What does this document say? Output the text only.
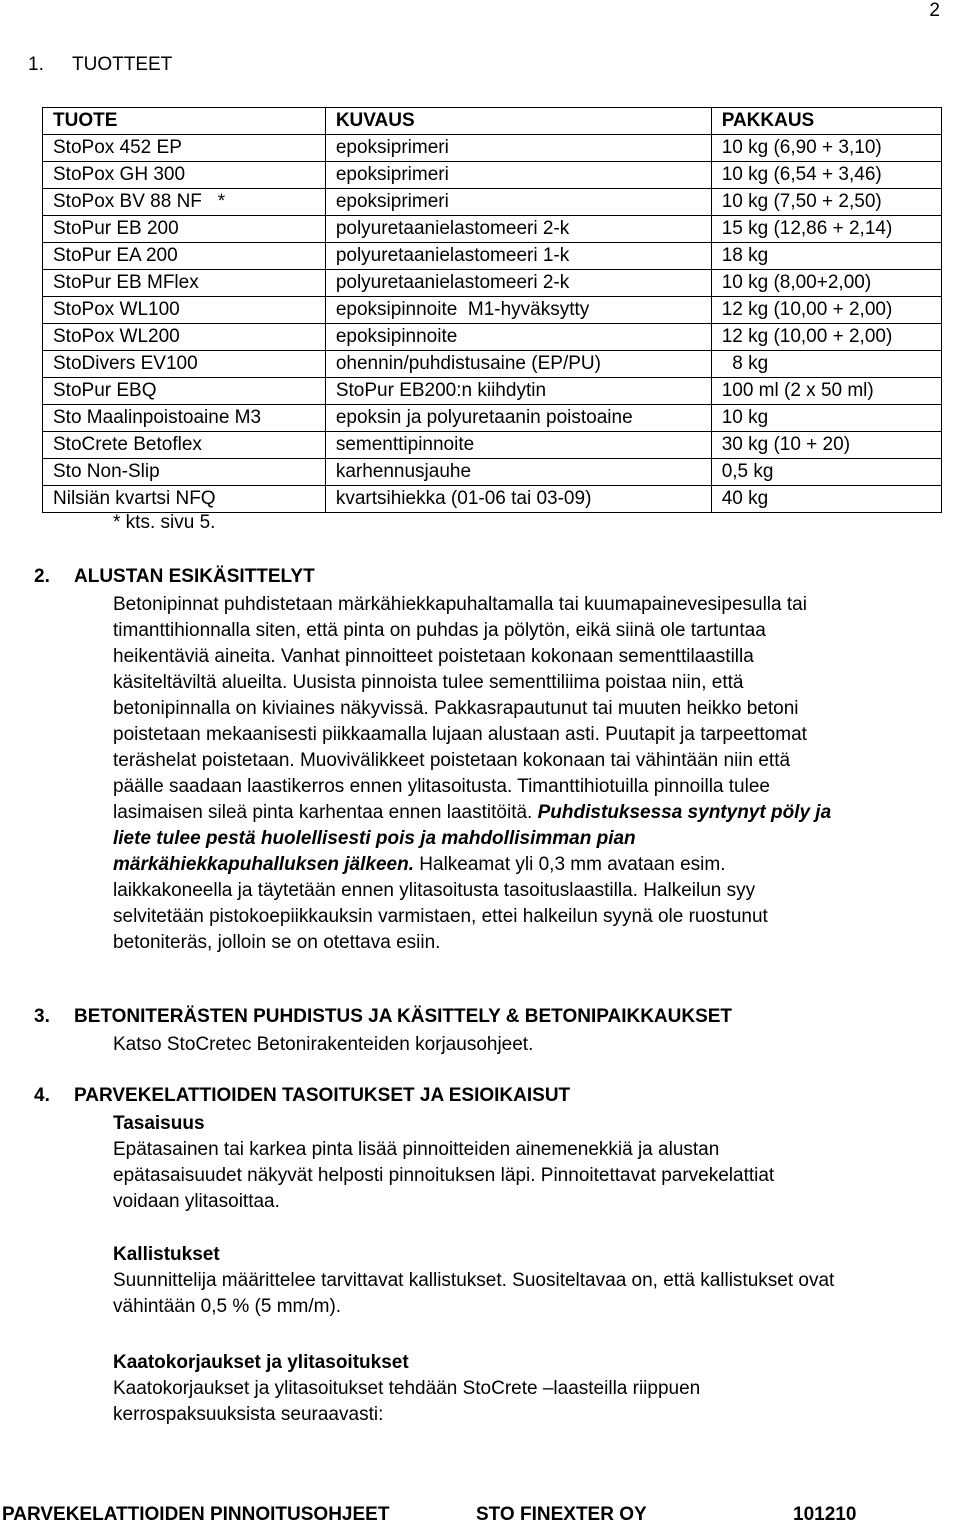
2
1. TUOTTEET
TUOTE	KUVAUS	PAKKAUS
StoPox 452 EP	epoksiprimeri	10 kg (6,90 + 3,10)
StoPox GH 300	epoksiprimeri	10 kg (6,54 + 3,46)
StoPox BV 88 NF   *	epoksiprimeri	10 kg (7,50 + 2,50)
StoPur EB 200	polyuretaanielastomeeri 2-k	15 kg (12,86 + 2,14)
StoPur EA 200	polyuretaanielastomeeri 1-k	18 kg
StoPur EB MFlex	polyuretaanielastomeeri 2-k	10 kg (8,00+2,00)
StoPox WL100	epoksipinnoite  M1-hyväksytty	12 kg (10,00 + 2,00)
StoPox WL200	epoksipinnoite	12 kg (10,00 + 2,00)
StoDivers EV100	ohennin/puhdistusaine (EP/PU)	8 kg
StoPur EBQ	StoPur EB200:n kiihdytin	100 ml (2 x 50 ml)
Sto Maalinpoistoaine M3	epoksin ja polyuretaanin poistoaine	10 kg
StoCrete Betoflex	sementtipinnoite	30 kg (10 + 20)
Sto Non-Slip	karhennusjauhe	0,5 kg
Nilsiän kvartsi NFQ	kvartsihiekka (01-06 tai 03-09)	40 kg
* kts. sivu 5.
2. ALUSTAN ESIKÄSITTELYT
Betonipinnat puhdistetaan märkähiekkapuhaltamalla tai kuumapainevesipesulla tai
timanttihionnalla siten, että pinta on puhdas ja pölytön, eikä siinä ole tartuntaa
heikentäviä aineita. Vanhat pinnoitteet poistetaan kokonaan sementtilaastilla
käsiteltäviltä alueilta. Uusista pinnoista tulee sementtiliima poistaa niin, että
betonipinnalla on kiviaines näkyvissä. Pakkasrapautunut tai muuten heikko betoni
poistetaan mekaanisesti piikkaamalla lujaan alustaan asti. Puutapit ja tarpeettomat
teräshelat poistetaan. Muovivälikkeet poistetaan kokonaan tai vähintään niin että
päälle saadaan laastikerros ennen ylitasoitusta. Timanttihiotuilla pinnoilla tulee
lasimaisen sileä pinta karhentaa ennen laastitöitä. Puhdistuksessa syntynyt pöly ja
liete tulee pestä huolellisesti pois ja mahdollisimman pian
märkähiekkapuhalluksen jälkeen. Halkeamat yli 0,3 mm avataan esim.
laikkakoneella ja täytetään ennen ylitasoitusta tasoituslaastilla. Halkeilun syy
selvitetään pistokoepiikkauksin varmistaen, ettei halkeilun syynä ole ruostunut
betoniteräs, jolloin se on otettava esiin.
3. BETONITERÄSTEN PUHDISTUS JA KÄSITTELY & BETONIPAIKKAUKSET
Katso StoCretec Betonirakenteiden korjausohjeet.
4. PARVEKELATTIOIDEN TASOITUKSET JA ESIOIKAISUT
Tasaisuus
Epätasainen tai karkea pinta lisää pinnoitteiden ainemenekkiä ja alustan
epätasaisuudet näkyvät helposti pinnoituksen läpi. Pinnoitettavat parvekelattiat
voidaan ylitasoittaa.
Kallistukset
Suunnittelija määrittelee tarvittavat kallistukset. Suositeltavaa on, että kallistukset ovat
vähintään 0,5 % (5 mm/m).
Kaatokorjaukset ja ylitasoitukset
Kaatokorjaukset ja ylitasoitukset tehdään StoCrete –laasteilla riippuen
kerrospaksuuksista seuraavasti:
PARVEKELATTIOIDEN PINNOITUSOHJEET	STO FINEXTER OY	101210
